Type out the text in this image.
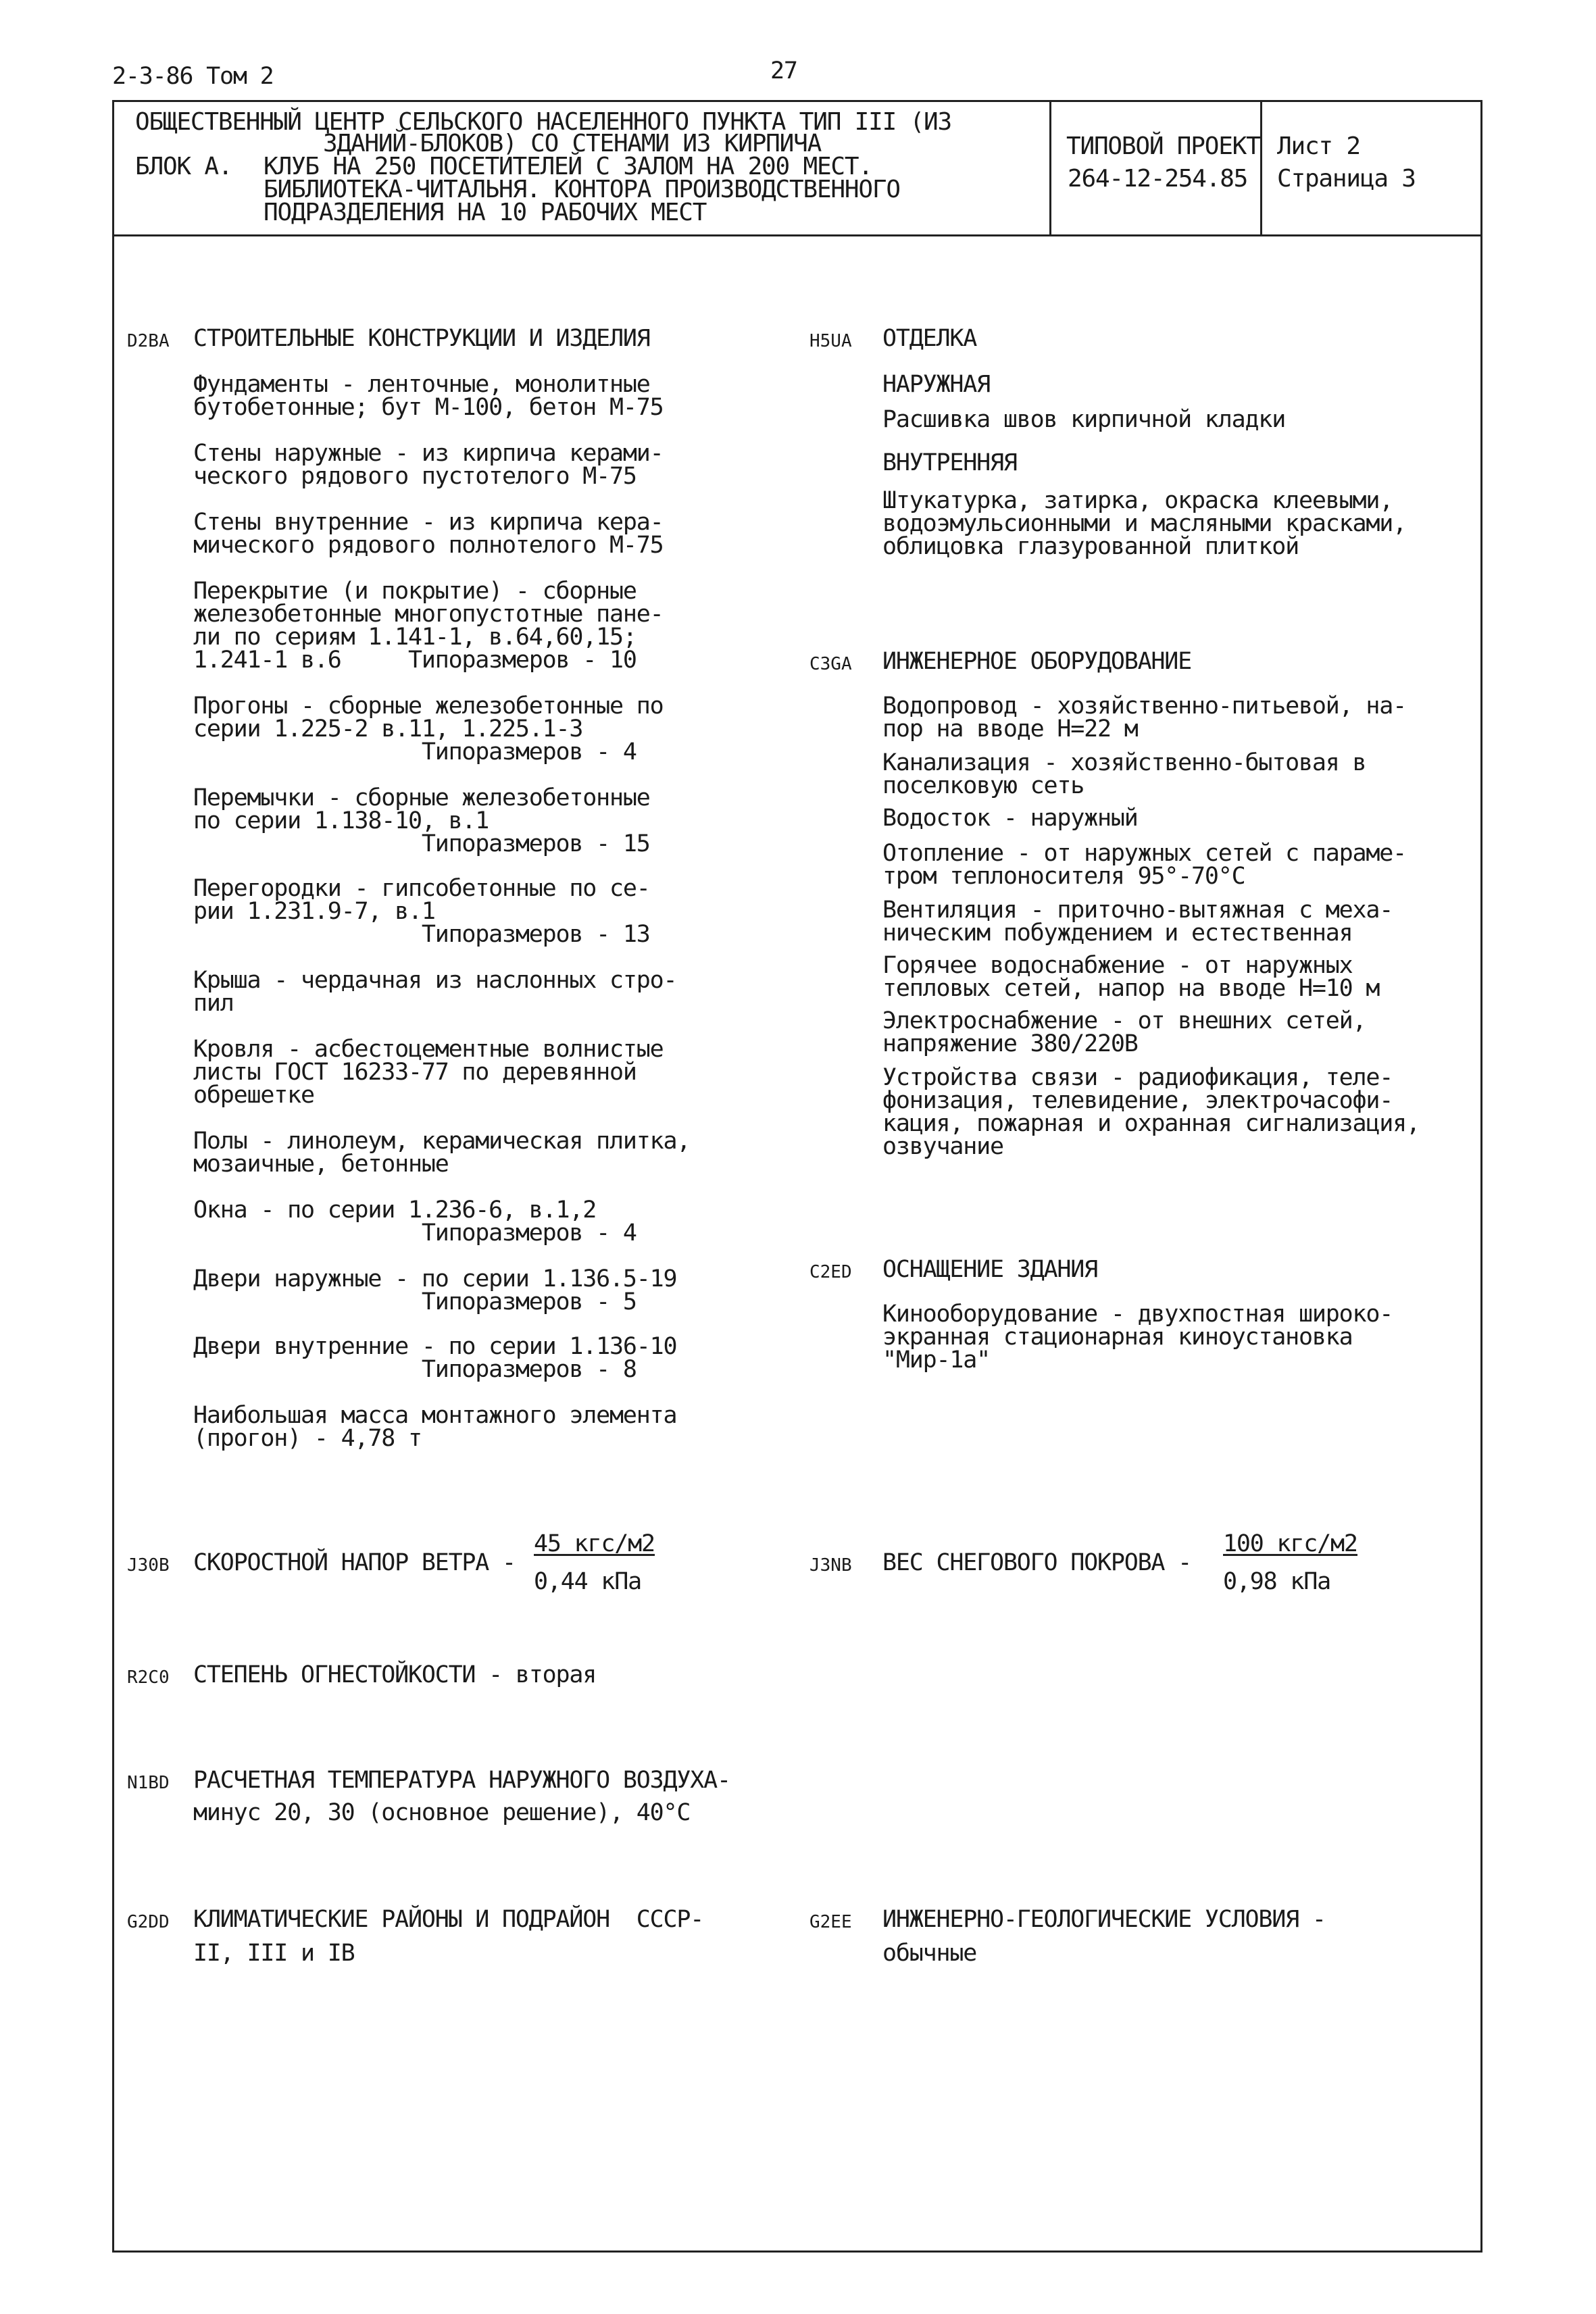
2-3-86 Том 2	27
ОБЩЕСТВЕННЫЙ ЦЕНТР СЕЛЬСКОГО НАСЕЛЕННОГО ПУНКТА ТИП III (ИЗ
ЗДАНИЙ-БЛОКОВ) СО СТЕНАМИ ИЗ КИРПИЧА
БЛОК А. КЛУБ НА 250 ПОСЕТИТЕЛЕЙ С ЗАЛОМ НА 200 МЕСТ.
БИБЛИОТЕКА-ЧИТАЛЬНЯ. КОНТОРА ПРОИЗВОДСТВЕННОГО
ПОДРАЗДЕЛЕНИЯ НА 10 РАБОЧИХ МЕСТ
ТИПОВОЙ ПРОЕКТ
264-12-254.85
Лист 2
Страница 3
D2BA СТРОИТЕЛЬНЫЕ КОНСТРУКЦИИ И ИЗДЕЛИЯ
Фундаменты - ленточные, монолитные
бутобетонные; бут М-100, бетон М-75
Стены наружные - из кирпича керами-
ческого рядового пустотелого М-75
Стены внутренние - из кирпича кера-
мического рядового полнотелого М-75
Перекрытие (и покрытие) - сборные
железобетонные многопустотные пане-
ли по сериям 1.141-1, в.64,60,15;
1.241-1 в.6     Типоразмеров - 10
Прогоны - сборные железобетонные по
серии 1.225-2 в.11, 1.225.1-3
Типоразмеров - 4
Перемычки - сборные железобетонные
по серии 1.138-10, в.1
Типоразмеров - 15
Перегородки - гипсобетонные по се-
рии 1.231.9-7, в.1
Типоразмеров - 13
Крыша - чердачная из наслонных стро-
пил
Кровля - асбестоцементные волнистые
листы ГОСТ 16233-77 по деревянной
обрешетке
Полы - линолеум, керамическая плитка,
мозаичные, бетонные
Окна - по серии 1.236-6, в.1,2
Типоразмеров - 4
Двери наружные - по серии 1.136.5-19
Типоразмеров - 5
Двери внутренние - по серии 1.136-10
Типоразмеров - 8
Наибольшая масса монтажного элемента
(прогон) - 4,78 т
H5UA ОТДЕЛКА
НАРУЖНАЯ
Расшивка швов кирпичной кладки
ВНУТРЕННЯЯ
Штукатурка, затирка, окраска клеевыми,
водоэмульсионными и масляными красками,
облицовка глазурованной плиткой
C3GA ИНЖЕНЕРНОЕ ОБОРУДОВАНИЕ
Водопровод - хозяйственно-питьевой, на-
пор на вводе Н=22 м
Канализация - хозяйственно-бытовая в
поселковую сеть
Водосток - наружный
Отопление - от наружных сетей с параме-
тром теплоносителя 95°-70°С
Вентиляция - приточно-вытяжная с меха-
ническим побуждением и естественная
Горячее водоснабжение - от наружных
тепловых сетей, напор на вводе Н=10 м
Электроснабжение - от внешних сетей,
напряжение 380/220В
Устройства связи - радиофикация, теле-
фонизация, телевидение, электрочасофи-
кация, пожарная и охранная сигнализация,
озвучание
C2ED ОСНАЩЕНИЕ ЗДАНИЯ
Кинооборудование - двухпостная широко-
экранная стационарная киноустановка
"Мир-1а"
J30B СКОРОСТНОЙ НАПОР ВЕТРА -
45 кгс/м2
0,44 кПа
J3NB ВЕС СНЕГОВОГО ПОКРОВА -
100 кгс/м2
0,98 кПа
R2C0 СТЕПЕНЬ ОГНЕСТОЙКОСТИ - вторая
N1BD РАСЧЕТНАЯ ТЕМПЕРАТУРА НАРУЖНОГО ВОЗДУХА-
минус 20, 30 (основное решение), 40°С
G2DD КЛИМАТИЧЕСКИЕ РАЙОНЫ И ПОДРАЙОН  СССР-
II, III и IВ
G2EE ИНЖЕНЕРНО-ГЕОЛОГИЧЕСКИЕ УСЛОВИЯ -
обычные
